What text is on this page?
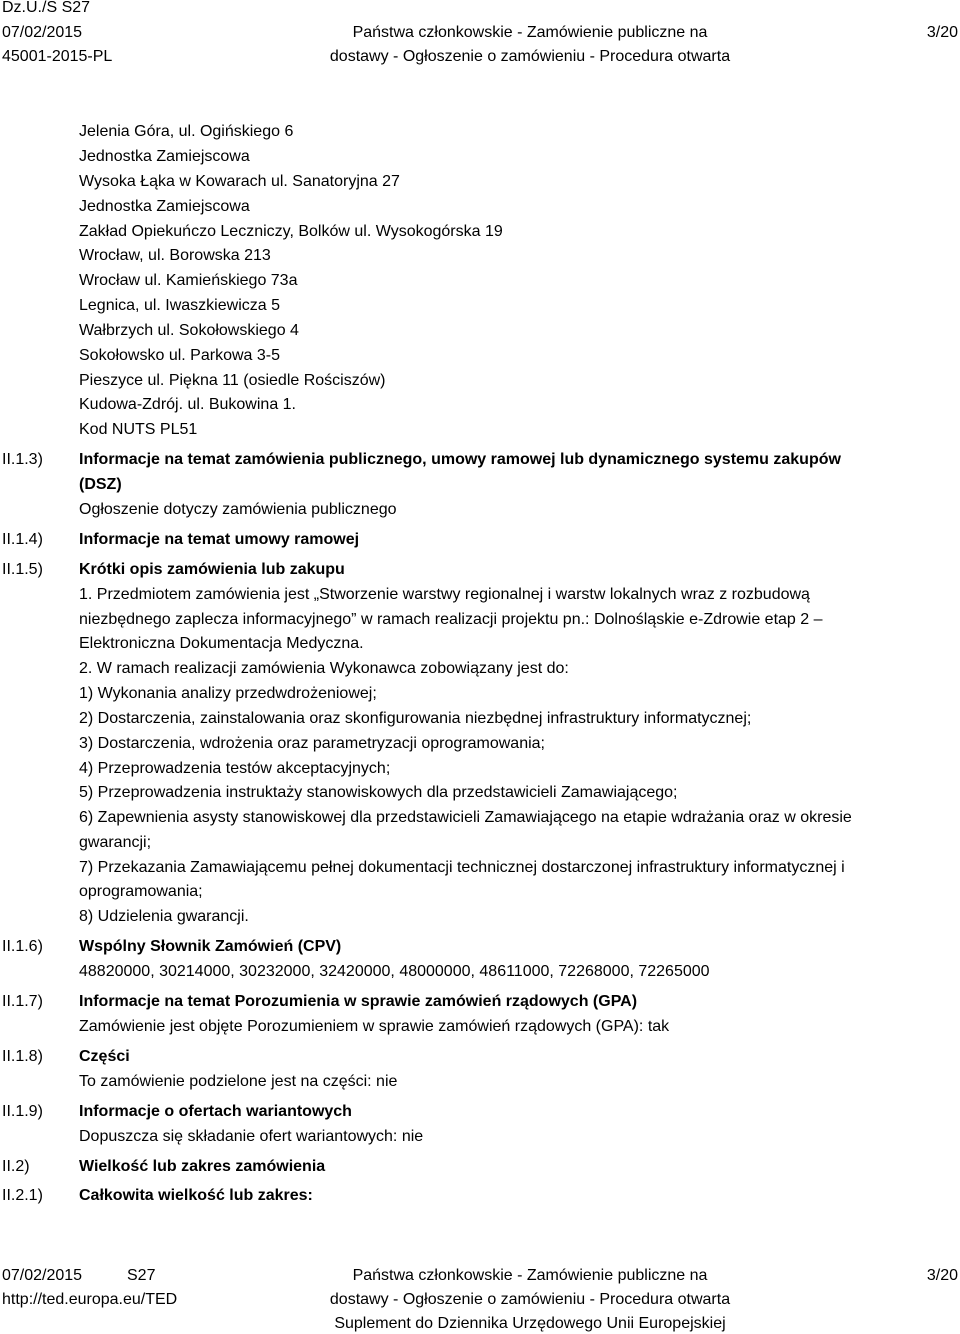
Dz.U./S S27
07/02/2015
45001-2015-PL
Państwa członkowskie - Zamówienie publiczne na
dostawy - Ogłoszenie o zamówieniu - Procedura otwarta
3/20
Jelenia Góra, ul. Ogińskiego 6
Jednostka Zamiejscowa
Wysoka Łąka w Kowarach ul. Sanatoryjna 27
Jednostka Zamiejscowa
Zakład Opiekuńczo Leczniczy, Bolków ul. Wysokogórska 19
Wrocław, ul. Borowska 213
Wrocław ul. Kamieńskiego 73a
Legnica, ul. Iwaszkiewicza 5
Wałbrzych ul. Sokołowskiego 4
Sokołowsko ul. Parkowa 3-5
Pieszyce ul. Piękna 11 (osiedle Rościszów)
Kudowa-Zdrój. ul. Bukowina 1.
Kod NUTS PL51
II.1.3) Informacje na temat zamówienia publicznego, umowy ramowej lub dynamicznego systemu zakupów
(DSZ)
Ogłoszenie dotyczy zamówienia publicznego
II.1.4) Informacje na temat umowy ramowej
II.1.5) Krótki opis zamówienia lub zakupu
1. Przedmiotem zamówienia jest „Stworzenie warstwy regionalnej i warstw lokalnych wraz z rozbudową
niezbędnego zaplecza informacyjnego” w ramach realizacji projektu pn.: Dolnośląskie e-Zdrowie etap 2 –
Elektroniczna Dokumentacja Medyczna.
2. W ramach realizacji zamówienia Wykonawca zobowiązany jest do:
1) Wykonania analizy przedwdrożeniowej;
2) Dostarczenia, zainstalowania oraz skonfigurowania niezbędnej infrastruktury informatycznej;
3) Dostarczenia, wdrożenia oraz parametryzacji oprogramowania;
4) Przeprowadzenia testów akceptacyjnych;
5) Przeprowadzenia instruktaży stanowiskowych dla przedstawicieli Zamawiającego;
6) Zapewnienia asysty stanowiskowej dla przedstawicieli Zamawiającego na etapie wdrażania oraz w okresie
gwarancji;
7) Przekazania Zamawiającemu pełnej dokumentacji technicznej dostarczonej infrastruktury informatycznej i
oprogramowania;
8) Udzielenia gwarancji.
II.1.6) Wspólny Słownik Zamówień (CPV)
48820000, 30214000, 30232000, 32420000, 48000000, 48611000, 72268000, 72265000
II.1.7) Informacje na temat Porozumienia w sprawie zamówień rządowych (GPA)
Zamówienie jest objęte Porozumieniem w sprawie zamówień rządowych (GPA): tak
II.1.8) Części
To zamówienie podzielone jest na części: nie
II.1.9) Informacje o ofertach wariantowych
Dopuszcza się składanie ofert wariantowych: nie
II.2)	Wielkość lub zakres zamówienia
II.2.1) Całkowita wielkość lub zakres:
07/02/2015	S27
http://ted.europa.eu/TED
Państwa członkowskie - Zamówienie publiczne na
dostawy - Ogłoszenie o zamówieniu - Procedura otwarta
Suplement do Dziennika Urzędowego Unii Europejskiej
3/20
